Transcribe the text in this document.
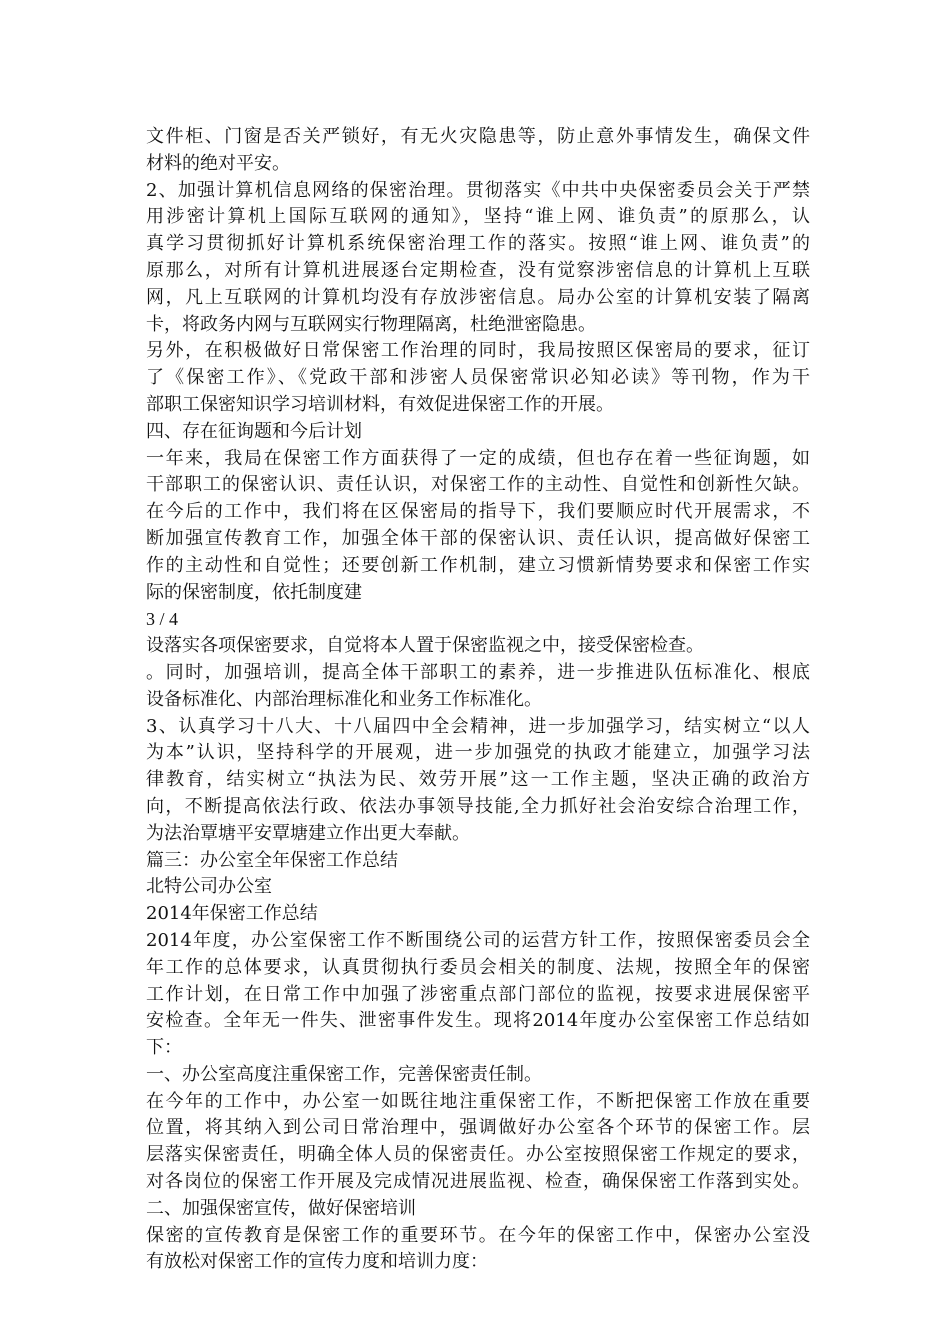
文件柜、门窗是否关严锁好，有无火灾隐患等，防止意外事情发生，确保文件
材料的绝对平安。
2、加强计算机信息网络的保密治理。贯彻落实《中共中央保密委员会关于严禁
用涉密计算机上国际互联网的通知》，坚持“谁上网、谁负责”的原那么，认
真学习贯彻抓好计算机系统保密治理工作的落实。按照“谁上网、谁负责”的
原那么，对所有计算机进展逐台定期检查，没有觉察涉密信息的计算机上互联
网，凡上互联网的计算机均没有存放涉密信息。局办公室的计算机安装了隔离
卡，将政务内网与互联网实行物理隔离，杜绝泄密隐患。
另外，在积极做好日常保密工作治理的同时，我局按照区保密局的要求，征订
了《保密工作》、《党政干部和涉密人员保密常识必知必读》等刊物，作为干
部职工保密知识学习培训材料，有效促进保密工作的开展。
四、存在征询题和今后计划
一年来，我局在保密工作方面获得了一定的成绩，但也存在着一些征询题，如
干部职工的保密认识、责任认识，对保密工作的主动性、自觉性和创新性欠缺。
在今后的工作中，我们将在区保密局的指导下，我们要顺应时代开展需求，不
断加强宣传教育工作，加强全体干部的保密认识、责任认识，提高做好保密工
作的主动性和自觉性；还要创新工作机制，建立习惯新情势要求和保密工作实
际的保密制度，依托制度建
3 / 4
设落实各项保密要求，自觉将本人置于保密监视之中，接受保密检查。
。同时，加强培训，提高全体干部职工的素养，进一步推进队伍标准化、根底
设备标准化、内部治理标准化和业务工作标准化。
3、认真学习十八大、十八届四中全会精神，进一步加强学习，结实树立“以人
为本”认识，坚持科学的开展观，进一步加强党的执政才能建立，加强学习法
律教育，结实树立“执法为民、效劳开展”这一工作主题，坚决正确的政治方
向，不断提高依法行政、依法办事领导技能,全力抓好社会治安综合治理工作，
为法治覃塘平安覃塘建立作出更大奉献。
篇三：办公室全年保密工作总结
北特公司办公室
2014年保密工作总结
2014年度，办公室保密工作不断围绕公司的运营方针工作，按照保密委员会全
年工作的总体要求，认真贯彻执行委员会相关的制度、法规，按照全年的保密
工作计划，在日常工作中加强了涉密重点部门部位的监视，按要求进展保密平
安检查。全年无一件失、泄密事件发生。现将2014年度办公室保密工作总结如
下：
一、办公室高度注重保密工作，完善保密责任制。
在今年的工作中，办公室一如既往地注重保密工作，不断把保密工作放在重要
位置，将其纳入到公司日常治理中，强调做好办公室各个环节的保密工作。层
层落实保密责任，明确全体人员的保密责任。办公室按照保密工作规定的要求，
对各岗位的保密工作开展及完成情况进展监视、检查，确保保密工作落到实处。
二、加强保密宣传，做好保密培训
保密的宣传教育是保密工作的重要环节。在今年的保密工作中，保密办公室没
有放松对保密工作的宣传力度和培训力度：
